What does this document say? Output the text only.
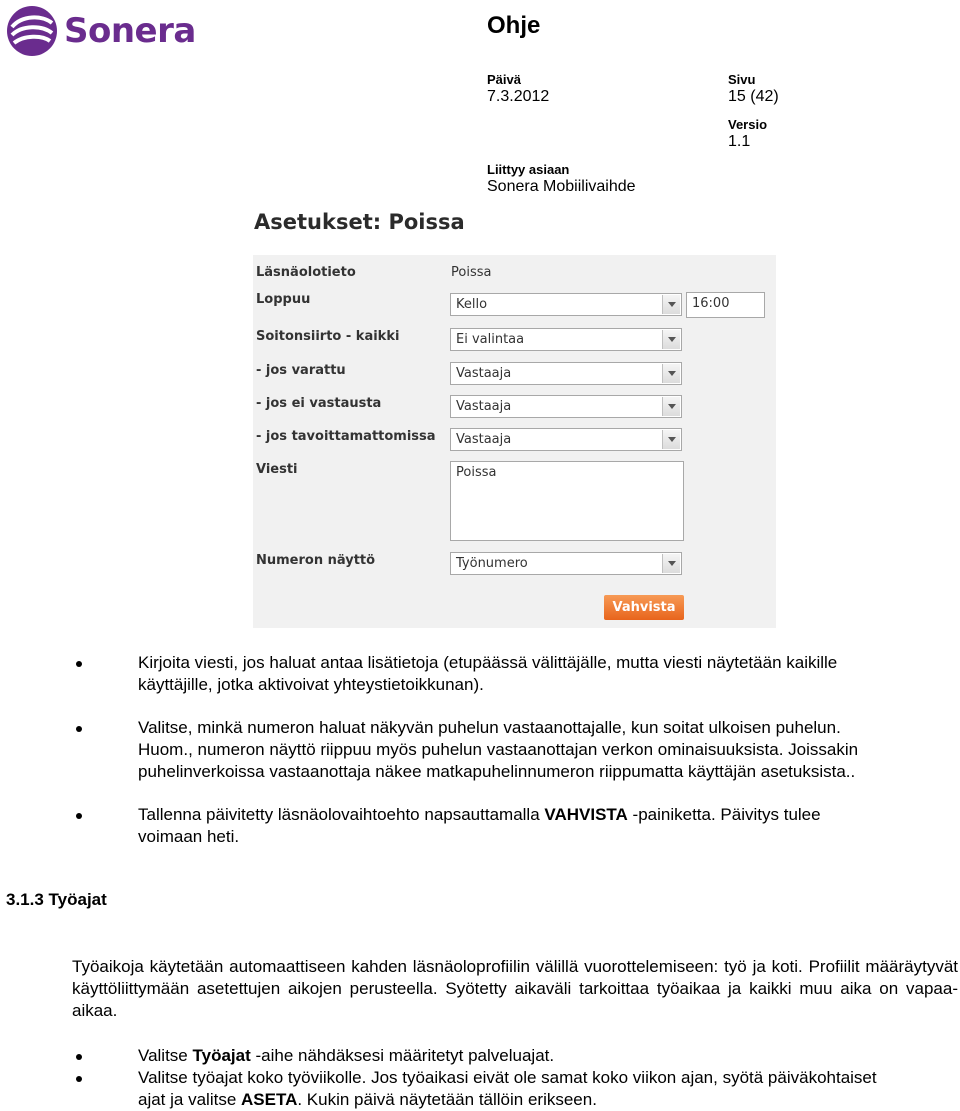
Sonera	Ohje
Päivä
7.3.2012
Sivu
15 (42)
Versio
1.1
Liittyy asiaan
Sonera Mobiilivaihde
Asetukset: Poissa
Läsnäolotieto	Poissa
Loppuu	Kello	16:00
Soitonsiirto - kaikki	Ei valintaa
- jos varattu	Vastaaja
- jos ei vastausta	Vastaaja
- jos tavoittamattomissa	Vastaaja
Viesti	Poissa
Numeron näyttö	Työnumero
Vahvista
Kirjoita viesti, jos haluat antaa lisätietoja (etupäässä välittäjälle, mutta viesti näytetään kaikille
käyttäjille, jotka aktivoivat yhteystietoikkunan).
Valitse, minkä numeron haluat näkyvän puhelun vastaanottajalle, kun soitat ulkoisen puhelun.
Huom., numeron näyttö riippuu myös puhelun vastaanottajan verkon ominaisuuksista. Joissakin
puhelinverkoissa vastaanottaja näkee matkapuhelinnumeron riippumatta käyttäjän asetuksista..
Tallenna päivitetty läsnäolovaihtoehto napsauttamalla VAHVISTA -painiketta. Päivitys tulee
voimaan heti.
3.1.3 Työajat
Työaikoja käytetään automaattiseen kahden läsnäoloprofiilin välillä vuorottelemiseen: työ ja koti. Profiilit määräytyvät käyttöliittymään asetettujen aikojen perusteella. Syötetty aikaväli tarkoittaa työaikaa ja kaikki muu aika on vapaa-aikaa.
Valitse Työajat -aihe nähdäksesi määritetyt palveluajat.
Valitse työajat koko työviikolle. Jos työaikasi eivät ole samat koko viikon ajan, syötä päiväkohtaiset
ajat ja valitse ASETA. Kukin päivä näytetään tällöin erikseen.
